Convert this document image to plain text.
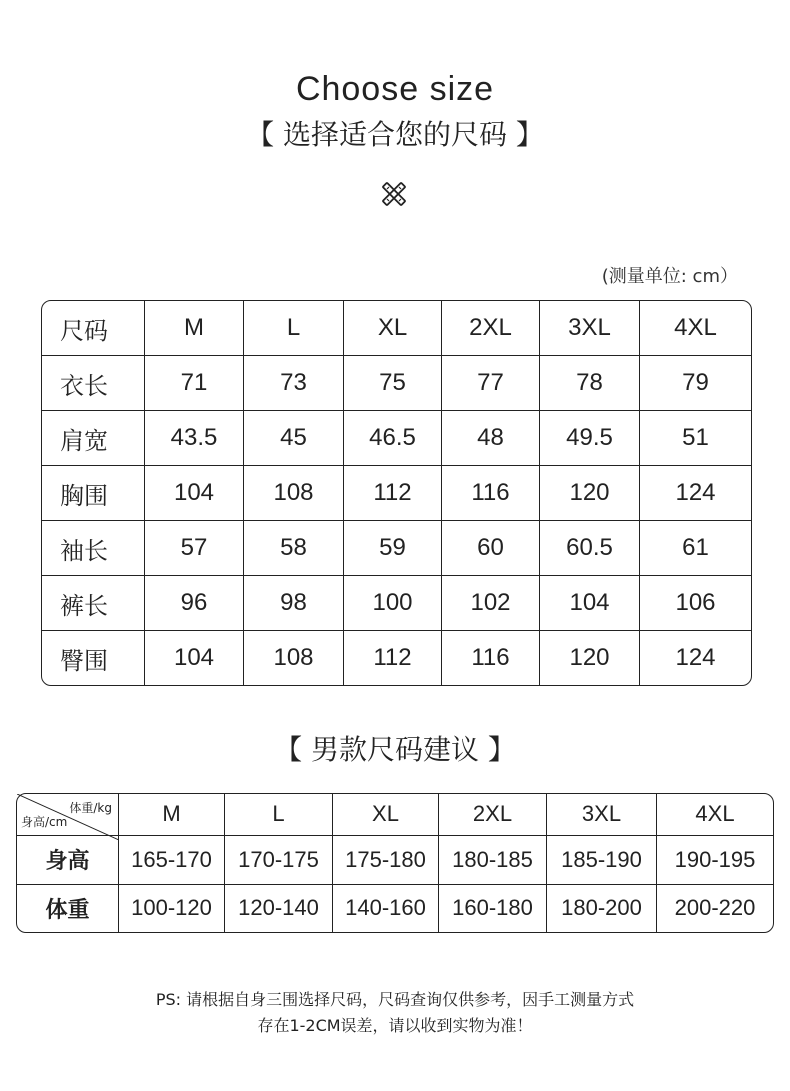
Choose size
【 选择适合您的尺码 】
(测量单位: cm）
尺码	M	L	XL	2XL	3XL	4XL
衣长	71	73	75	77	78	79
肩宽	43.5	45	46.5	48	49.5	51
胸围	104	108	112	116	120	124
袖长	57	58	59	60	60.5	61
裤长	96	98	100	102	104	106
臀围	104	108	112	116	120	124
【 男款尺码建议 】
体重/kg
身高/cm	M	L	XL	2XL	3XL	4XL
身高	165-170	170-175	175-180	180-185	185-190	190-195
体重	100-120	120-140	140-160	160-180	180-200	200-220
PS: 请根据自身三围选择尺码，尺码查询仅供参考，因手工测量方式
存在1-2CM误差，请以收到实物为准！
